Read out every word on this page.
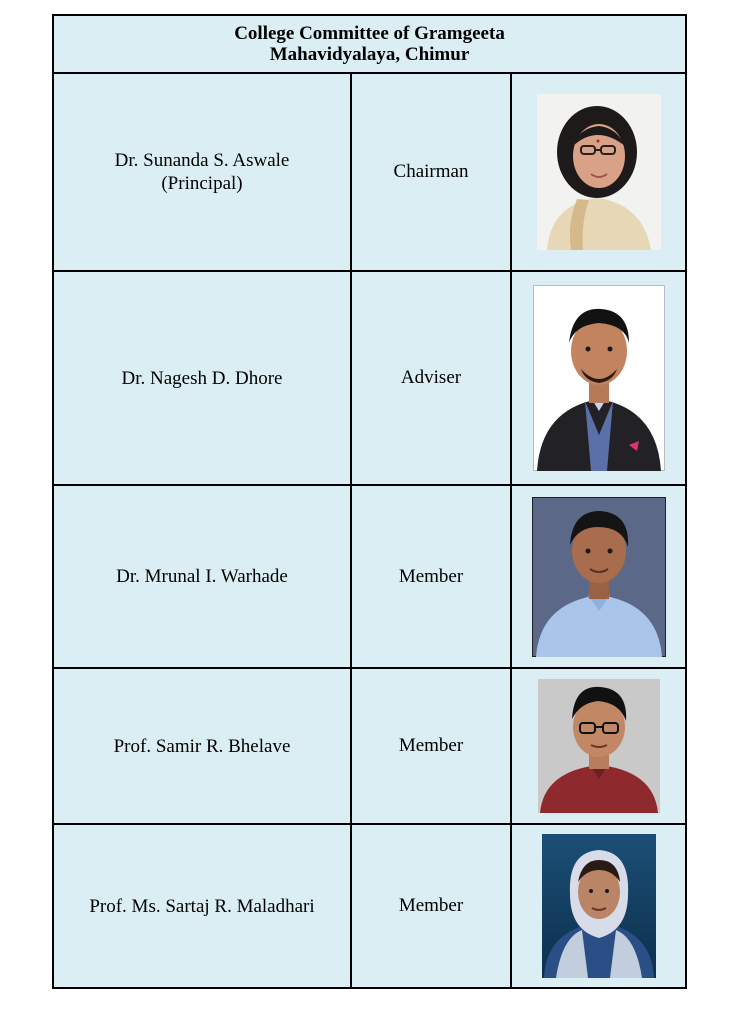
College Committee of Gramgeeta
Mahavidyalaya, Chimur		

Dr. Sunanda S. Aswale
(Principal)	Chairman	

Dr. Nagesh D. Dhore	Adviser	

Dr. Mrunal I. Warhade	Member	

Prof. Samir R. Bhelave	Member	

Prof. Ms. Sartaj R. Maladhari	Member	
